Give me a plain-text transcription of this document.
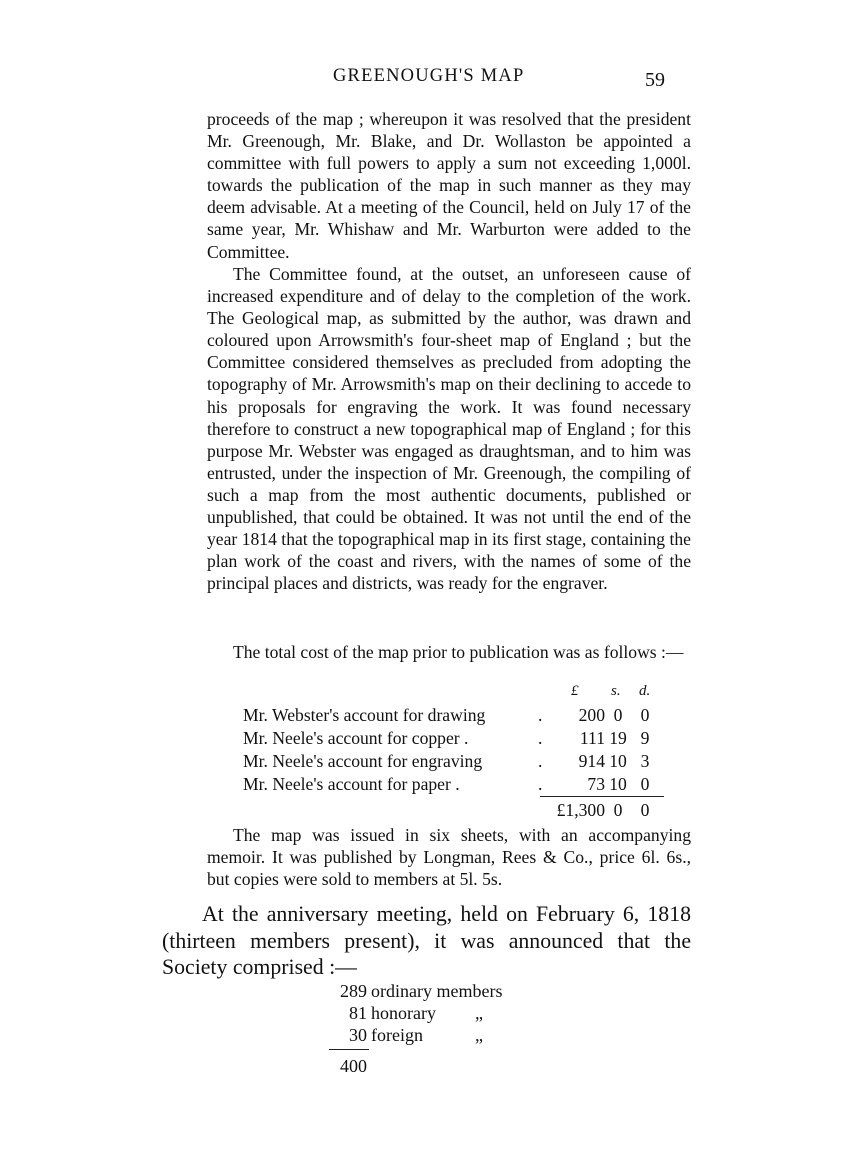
GREENOUGH'S MAP	59

proceeds of the map ; whereupon it was resolved that the president Mr. Greenough, Mr. Blake, and Dr. Wollaston be appointed a committee with full powers to apply a sum not exceeding 1,000l. towards the publication of the map in such manner as they may deem advisable. At a meeting of the Council, held on July 17 of the same year, Mr. Whishaw and Mr. Warburton were added to the Committee.

The Committee found, at the outset, an unforeseen cause of increased expenditure and of delay to the completion of the work. The Geological map, as submitted by the author, was drawn and coloured upon Arrowsmith's four-sheet map of England ; but the Committee considered themselves as precluded from adopting the topography of Mr. Arrowsmith's map on their declining to accede to his proposals for engraving the work. It was found necessary therefore to construct a new topographical map of England ; for this purpose Mr. Webster was engaged as draughtsman, and to him was entrusted, under the inspection of Mr. Greenough, the compiling of such a map from the most authentic documents, published or unpublished, that could be obtained. It was not until the end of the year 1814 that the topographical map in its first stage, containing the plan work of the coast and rivers, with the names of some of the principal places and districts, was ready for the engraver.

The total cost of the map prior to publication was as follows :—

£ s. d.
Mr. Webster's account for drawing	.	200 0	0
Mr. Neele's account for copper .	.	111 19 9
Mr. Neele's account for engraving	.	914 10 3
Mr. Neele's account for paper .	.	73 10 0
£1,300 0	0

The map was issued in six sheets, with an accompanying memoir. It was published by Longman, Rees & Co., price 6l. 6s., but copies were sold to members at 5l. 5s.

At the anniversary meeting, held on February 6, 1818 (thirteen members present), it was announced that the Society comprised :—

289 ordinary members
81 honorary „
30 foreign	„
400
